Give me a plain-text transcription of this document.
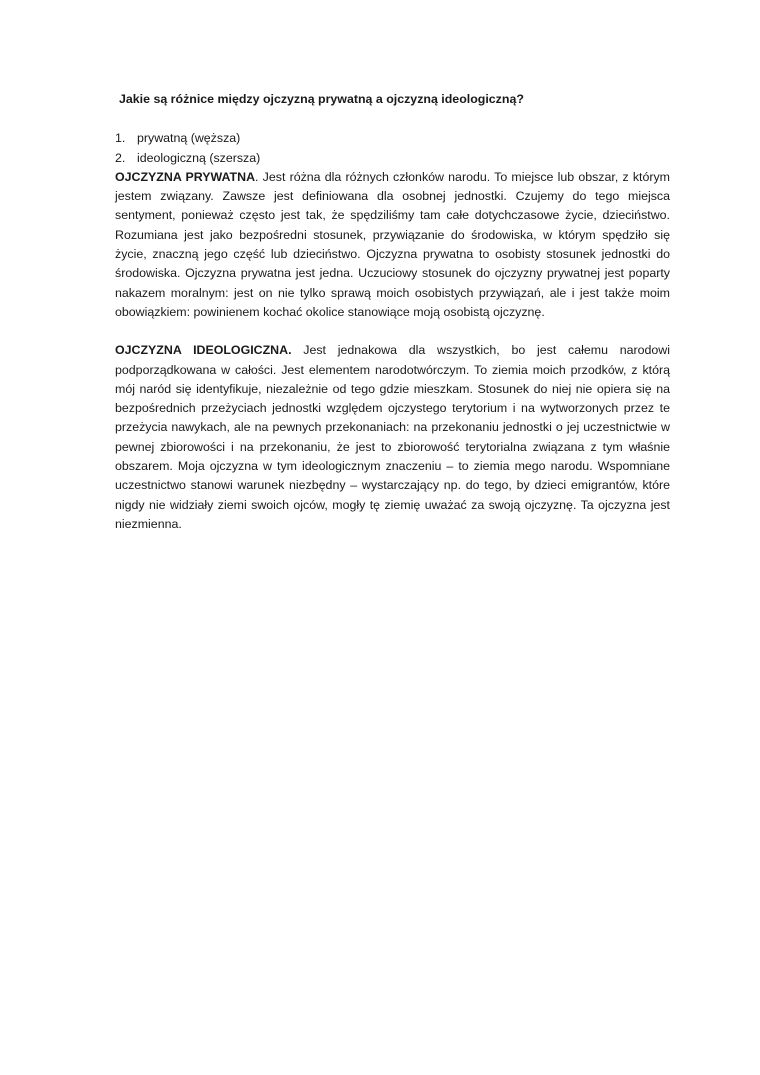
Jakie są różnice między ojczyzną prywatną a ojczyzną ideologiczną?
1. prywatną (węższa)
2. ideologiczną (szersza)

OJCZYZNA PRYWATNA. Jest różna dla różnych członków narodu. To miejsce lub obszar, z którym jestem związany. Zawsze jest definiowana dla osobnej jednostki. Czujemy do tego miejsca sentyment, ponieważ często jest tak, że spędziliśmy tam całe dotychczasowe życie, dzieciństwo. Rozumiana jest jako bezpośredni stosunek, przywiązanie do środowiska, w którym spędziło się życie, znaczną jego część lub dzieciństwo. Ojczyzna prywatna to osobisty stosunek jednostki do środowiska. Ojczyzna prywatna jest jedna. Uczuciowy stosunek do ojczyzny prywatnej jest poparty nakazem moralnym: jest on nie tylko sprawą moich osobistych przywiązań, ale i jest także moim obowiązkiem: powinienem kochać okolice stanowiące moją osobistą ojczyznę.

OJCZYZNA IDEOLOGICZNA. Jest jednakowa dla wszystkich, bo jest całemu narodowi podporządkowana w całości. Jest elementem narodotwórczym. To ziemia moich przodków, z którą mój naród się identyfikuje, niezależnie od tego gdzie mieszkam. Stosunek do niej nie opiera się na bezpośrednich przeżyciach jednostki względem ojczystego terytorium i na wytworzonych przez te przeżycia nawykach, ale na pewnych przekonaniach: na przekonaniu jednostki o jej uczestnictwie w pewnej zbiorowości i na przekonaniu, że jest to zbiorowość terytorialna związana z tym właśnie obszarem. Moja ojczyzna w tym ideologicznym znaczeniu – to ziemia mego narodu. Wspomniane uczestnictwo stanowi warunek niezbędny – wystarczający np. do tego, by dzieci emigrantów, które nigdy nie widziały ziemi swoich ojców, mogły tę ziemię uważać za swoją ojczyznę. Ta ojczyzna jest niezmienna.
